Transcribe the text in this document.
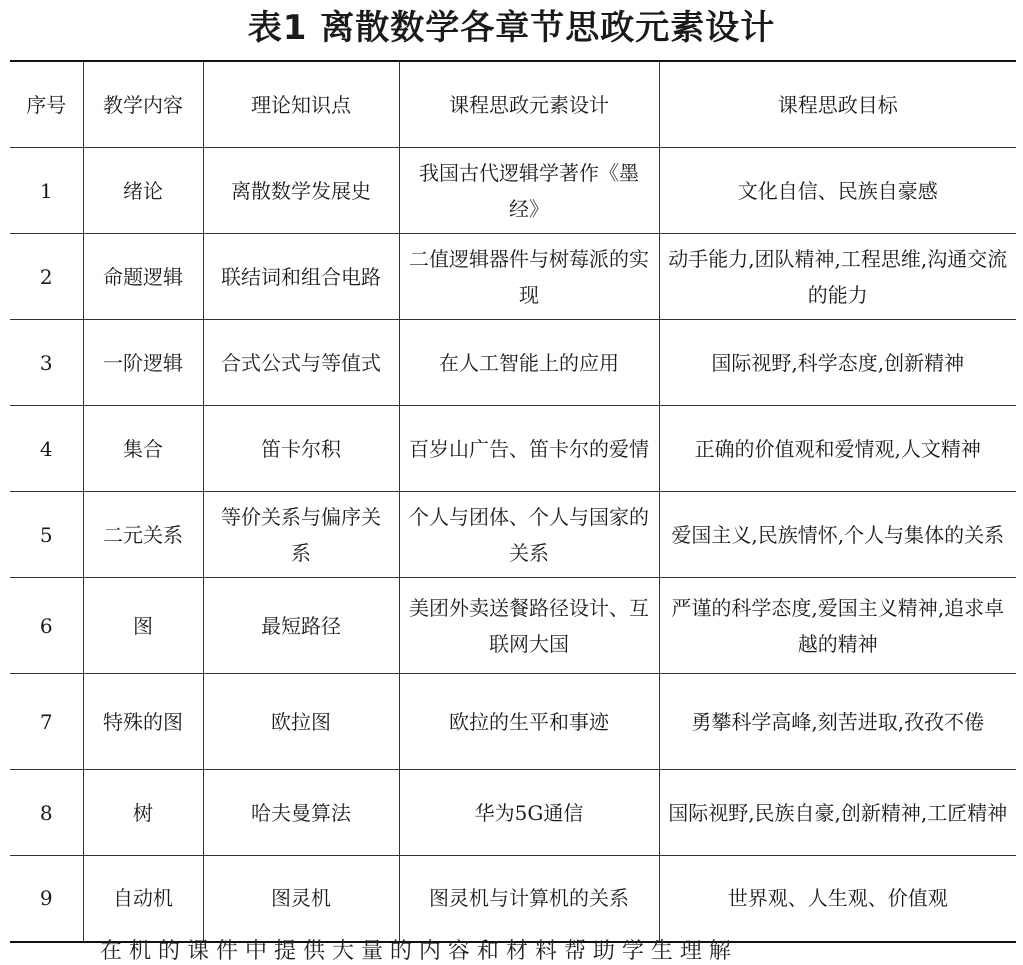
表1 离散数学各章节思政元素设计
序号	教学内容	理论知识点	课程思政元素设计	课程思政目标
1	绪论	离散数学发展史	我国古代逻辑学著作《墨经》	文化自信、民族自豪感
2	命题逻辑	联结词和组合电路	二值逻辑器件与树莓派的实现	动手能力,团队精神,工程思维,沟通交流的能力
3	一阶逻辑	合式公式与等值式	在人工智能上的应用	国际视野,科学态度,创新精神
4	集合	笛卡尔积	百岁山广告、笛卡尔的爱情	正确的价值观和爱情观,人文精神
5	二元关系	等价关系与偏序关系	个人与团体、个人与国家的关系	爱国主义,民族情怀,个人与集体的关系
6	图	最短路径	美团外卖送餐路径设计、互联网大国	严谨的科学态度,爱国主义精神,追求卓越的精神
7	特殊的图	欧拉图	欧拉的生平和事迹	勇攀科学高峰,刻苦进取,孜孜不倦
8	树	哈夫曼算法	华为5G通信	国际视野,民族自豪,创新精神,工匠精神
9	自动机	图灵机	图灵机与计算机的关系	世界观、人生观、价值观
在 机 的 课 件 中 提 供 大 量 的 内 容 和 材 料 帮 助 学 生 理 解
